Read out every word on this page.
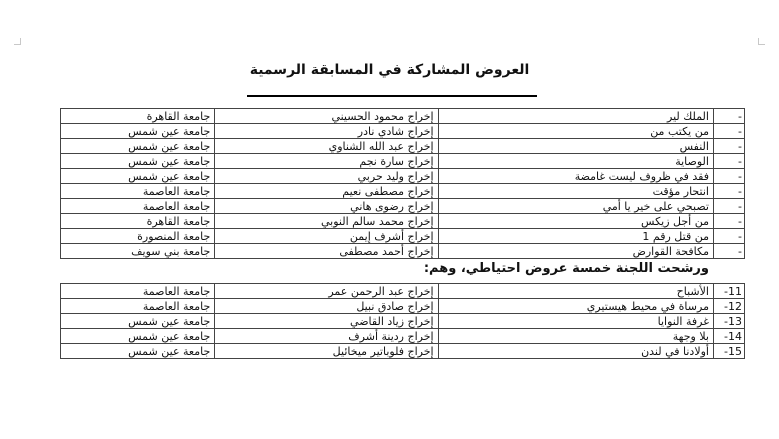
العروض المشاركة في المسابقة الرسمية
-	الملك لير	إخراج محمود الحسيني	جامعة القاهرة
-	من يكتب من	إخراج شادي نادر	جامعة عين شمس
-	النفس	إخراج عبد الله الشناوي	جامعة عين شمس
-	الوصاية	إخراج سارة نجم	جامعة عين شمس
-	فقد في ظروف ليست غامضة	إخراج وليد حربي	جامعة عين شمس
-	انتحار مؤقت	إخراج مصطفى نعيم	جامعة العاصمة
-	تصبحي على خير يا أمي	إخراج رضوى هاني	جامعة العاصمة
-	من أجل زيكس	إخراج محمد سالم النوبي	جامعة القاهرة
-	من قتل رقم 1	إخراج أشرف إيمن	جامعة المنصورة
-	مكافحة القوارض	إخراج أحمد مصطفى	جامعة بني سويف
ورشحت اللجنة خمسة عروض احتياطي، وهم:
11-	الأشباح	إخراج عبد الرحمن عمر	جامعة العاصمة
12-	مرساة في محيط هيستيري	إخراج صادق نبيل	جامعة العاصمة
13-	غرفة النوايا	إخراج زياد القاضي	جامعة عين شمس
14-	بلا وجهة	إخراج ردينة أشرف	جامعة عين شمس
15-	أولادنا في لندن	إخراج فلوباتير ميخائيل	جامعة عين شمس
